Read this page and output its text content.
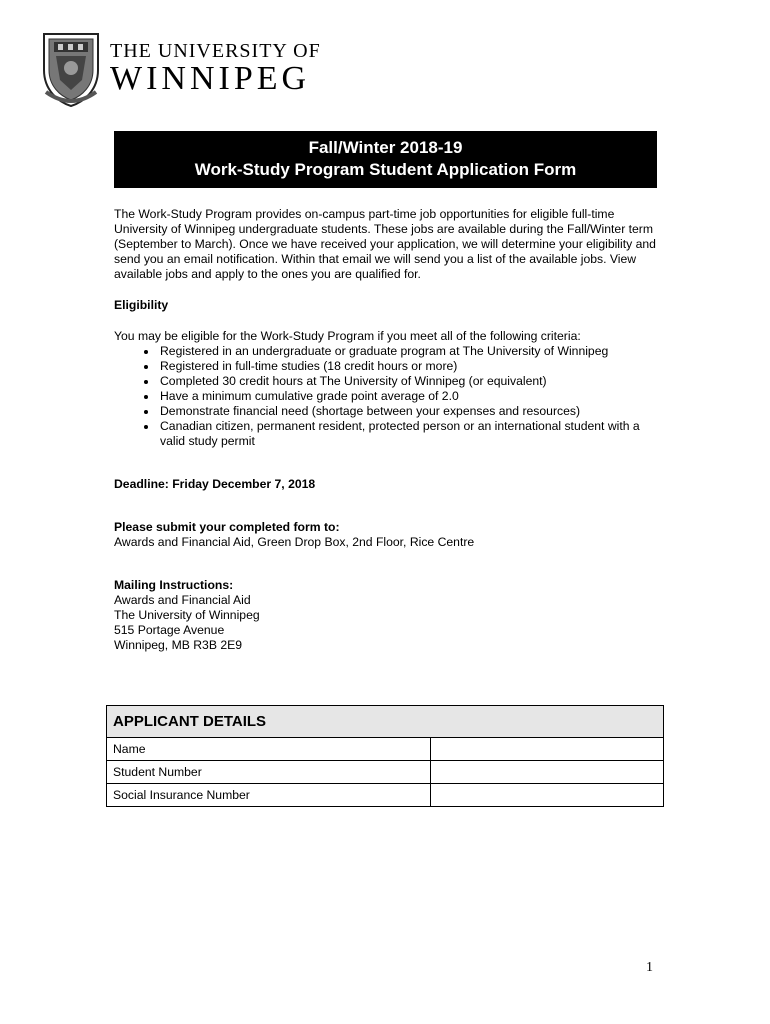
THE UNIVERSITY OF
WINNIPEG
Fall/Winter 2018-19
Work-Study Program Student Application Form

The Work-Study Program provides on-campus part-time job opportunities for eligible full-time University of Winnipeg undergraduate students. These jobs are available during the Fall/Winter term (September to March). Once we have received your application, we will determine your eligibility and send you an email notification. Within that email we will send you a list of the available jobs. View available jobs and apply to the ones you are qualified for.

Eligibility

You may be eligible for the Work-Study Program if you meet all of the following criteria:

• Registered in an undergraduate or graduate program at The University of Winnipeg
• Registered in full-time studies (18 credit hours or more)
• Completed 30 credit hours at The University of Winnipeg (or equivalent)
• Have a minimum cumulative grade point average of 2.0
• Demonstrate financial need (shortage between your expenses and resources)
• Canadian citizen, permanent resident, protected person or an international student with a valid study permit

Deadline: Friday December 7, 2018

Please submit your completed form to:

Awards and Financial Aid, Green Drop Box, 2nd Floor, Rice Centre

Mailing Instructions:

Awards and Financial Aid

The University of Winnipeg

515 Portage Avenue

Winnipeg, MB R3B 2E9

APPLICANT DETAILS	
Name	
Student Number	
Social Insurance Number	
1
